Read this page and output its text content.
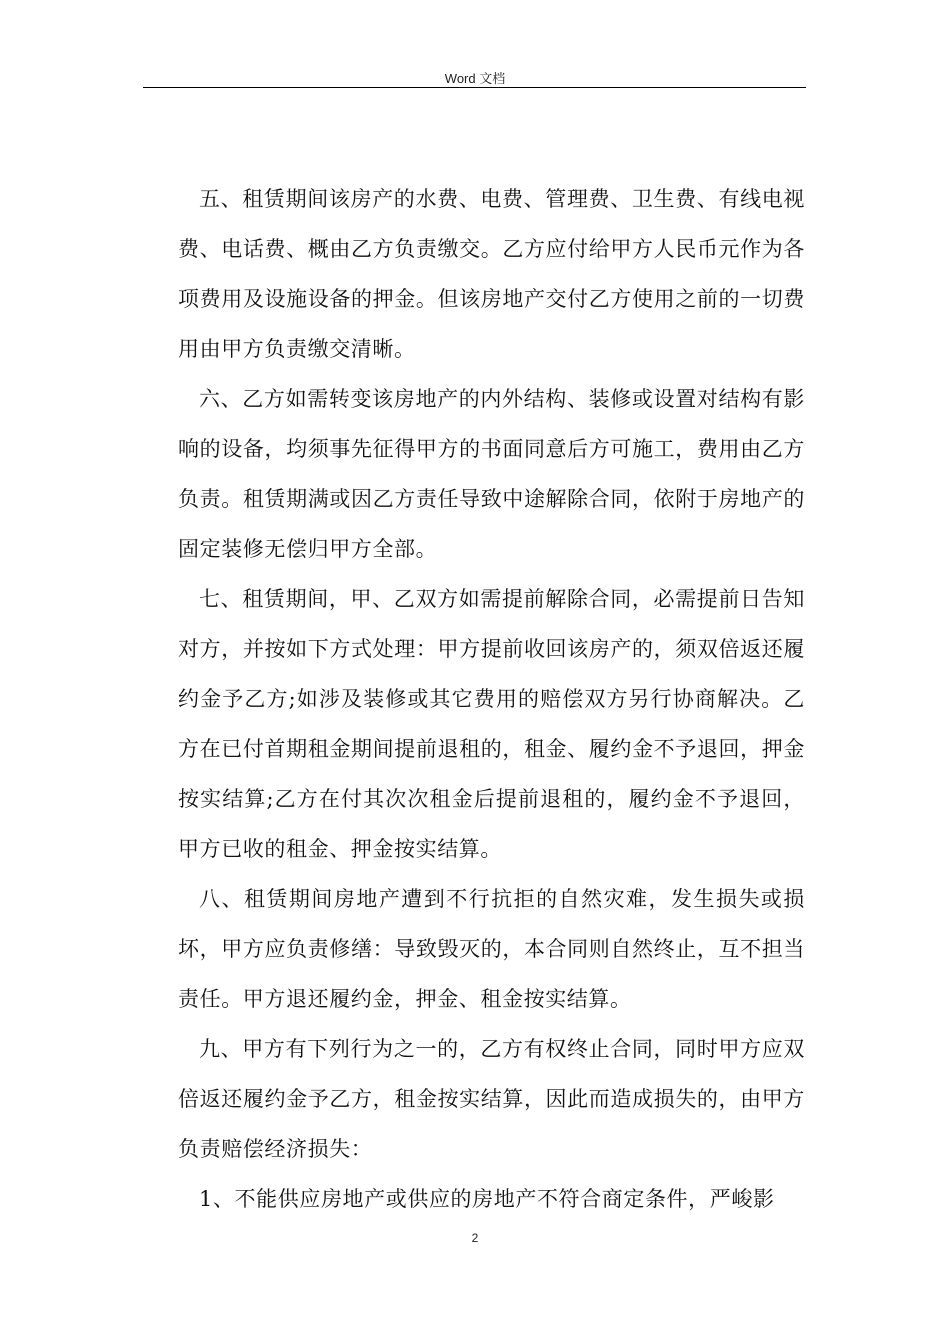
Word 文档

五、租赁期间该房产的水费、电费、管理费、卫生费、有线电视费、电话费、概由乙方负责缴交。乙方应付给甲方人民币元作为各项费用及设施设备的押金。但该房地产交付乙方使用之前的一切费用由甲方负责缴交清晰。

六、乙方如需转变该房地产的内外结构、装修或设置对结构有影响的设备，均须事先征得甲方的书面同意后方可施工，费用由乙方负责。租赁期满或因乙方责任导致中途解除合同，依附于房地产的固定装修无偿归甲方全部。

七、租赁期间，甲、乙双方如需提前解除合同，必需提前日告知对方，并按如下方式处理：甲方提前收回该房产的，须双倍返还履约金予乙方;如涉及装修或其它费用的赔偿双方另行协商解决。乙方在已付首期租金期间提前退租的，租金、履约金不予退回，押金按实结算;乙方在付其次次租金后提前退租的，履约金不予退回，甲方已收的租金、押金按实结算。

八、租赁期间房地产遭到不行抗拒的自然灾难，发生损失或损坏，甲方应负责修缮：导致毁灭的，本合同则自然终止，互不担当责任。甲方退还履约金，押金、租金按实结算。

九、甲方有下列行为之一的，乙方有权终止合同，同时甲方应双倍返还履约金予乙方，租金按实结算，因此而造成损失的，由甲方负责赔偿经济损失：

1、不能供应房地产或供应的房地产不符合商定条件，严峻影

2
